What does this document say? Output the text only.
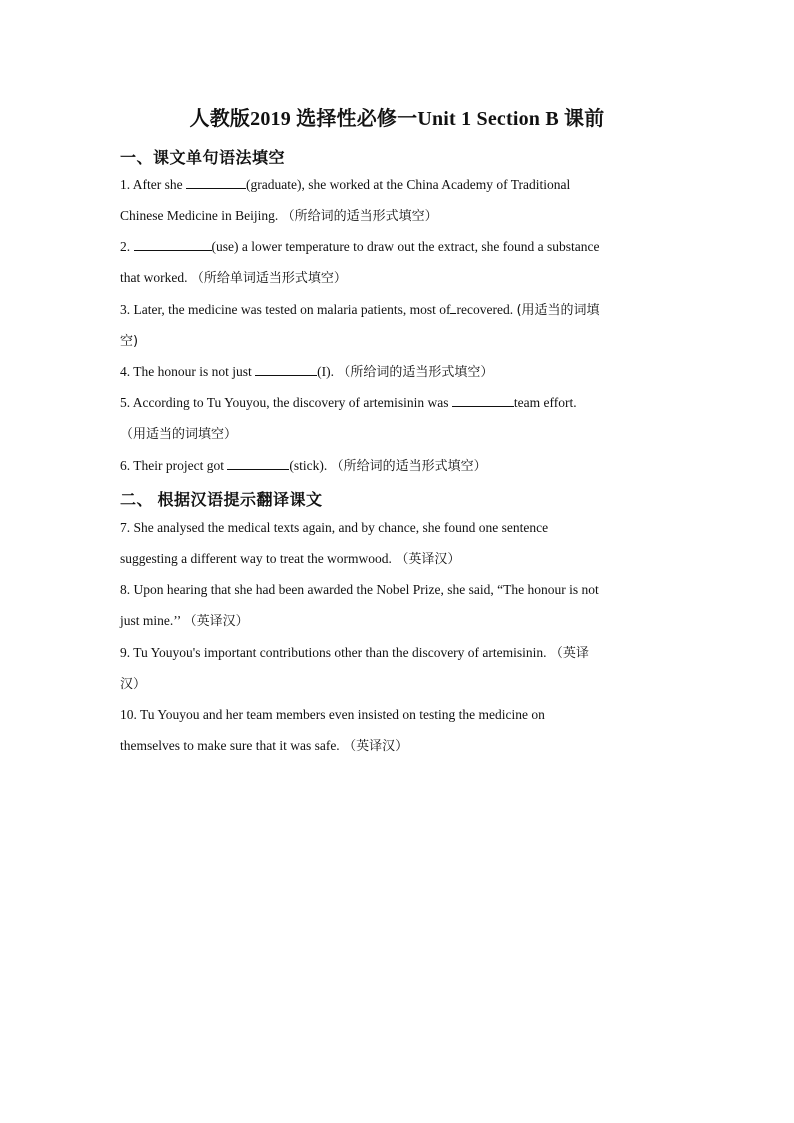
人教版2019 选择性必修一Unit 1 Section B 课前
一、课文单句语法填空
1. After she	(graduate), she worked at the China Academy of Traditional
Chinese Medicine in Beijing. （所给词的适当形式填空）
2.	(use) a lower temperature to draw out the extract, she found a substance
that worked. （所给单词适当形式填空）
3. Later, the medicine was tested on malaria patients, most of recovered. (用适当的词填
空)
4. The honour is not just	(I). （所给词的适当形式填空）
5. According to Tu Youyou, the discovery of artemisinin was	team effort.
（用适当的词填空）
6. Their project got	(stick). （所给词的适当形式填空）
二、 根据汉语提示翻译课文
7. She analysed the medical texts again, and by chance, she found one sentence
suggesting a different way to treat the wormwood. （英译汉）
8. Upon hearing that she had been awarded the Nobel Prize, she said, “The honour is not
just mine.’’ （英译汉）
9. Tu Youyou's important contributions other than the discovery of artemisinin. （英译
汉）
10. Tu Youyou and her team members even insisted on testing the medicine on
themselves to make sure that it was safe. （英译汉）
